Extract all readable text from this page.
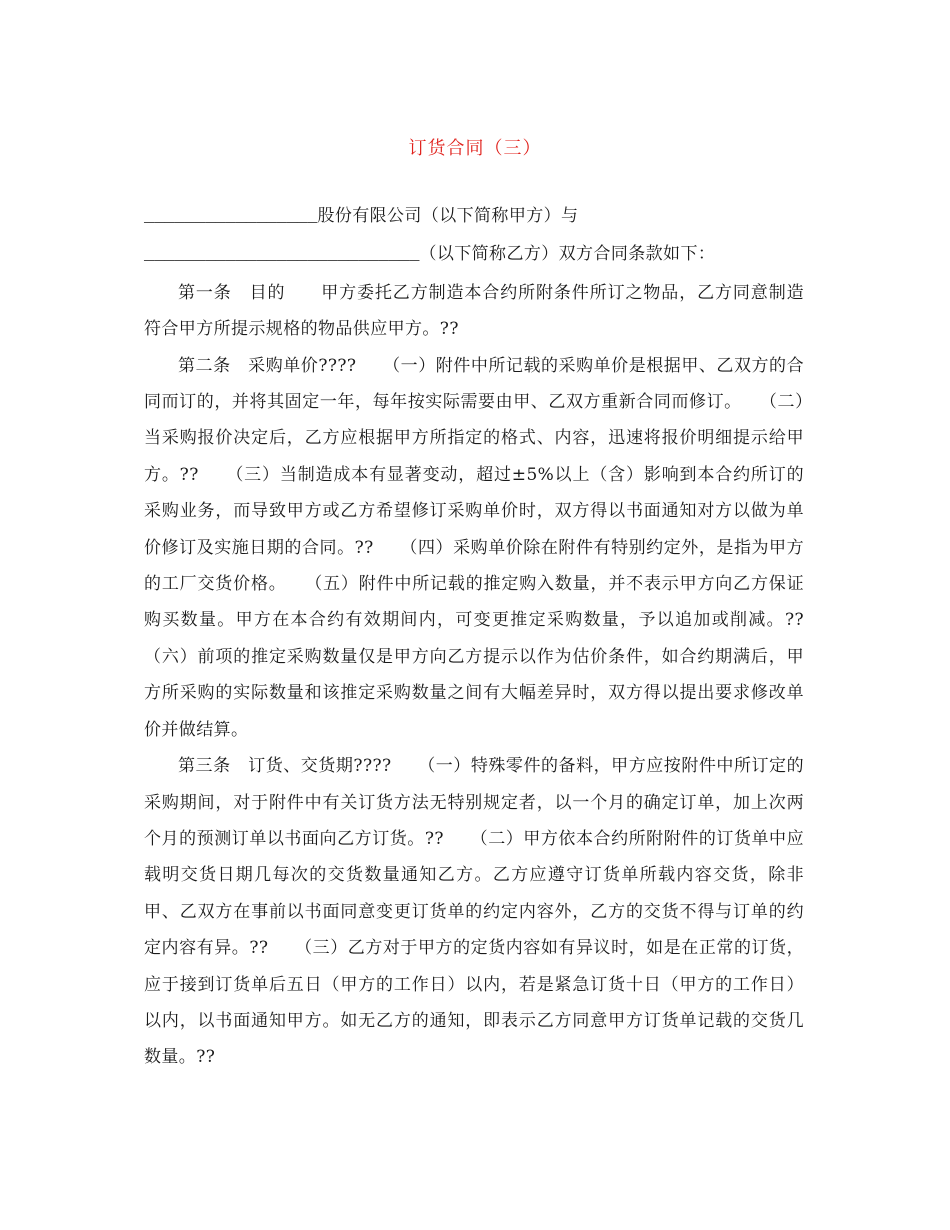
订货合同（三）

_________________股份有限公司（以下简称甲方）与

___________________________（以下简称乙方）双方合同条款如下：

第一条　目的　　甲方委托乙方制造本合约所附条件所订之物品，乙方同意制造符合甲方所提示规格的物品供应甲方。??

第二条　采购单价????　　（一）附件中所记载的采购单价是根据甲、乙双方的合同而订的，并将其固定一年，每年按实际需要由甲、乙双方重新合同而修订。　　（二）当采购报价决定后，乙方应根据甲方所指定的格式、内容，迅速将报价明细提示给甲方。??　　（三）当制造成本有显著变动，超过±5%以上（含）影响到本合约所订的采购业务，而导致甲方或乙方希望修订采购单价时，双方得以书面通知对方以做为单价修订及实施日期的合同。??　　（四）采购单价除在附件有特别约定外，是指为甲方的工厂交货价格。　　（五）附件中所记载的推定购入数量，并不表示甲方向乙方保证购买数量。甲方在本合约有效期间内，可变更推定采购数量，予以追加或削减。??　　（六）前项的推定采购数量仅是甲方向乙方提示以作为估价条件，如合约期满后，甲方所采购的实际数量和该推定采购数量之间有大幅差异时，双方得以提出要求修改单价并做结算。

第三条　订货、交货期????　　（一）特殊零件的备料，甲方应按附件中所订定的采购期间，对于附件中有关订货方法无特别规定者，以一个月的确定订单，加上次两个月的预测订单以书面向乙方订货。??　　（二）甲方依本合约所附附件的订货单中应载明交货日期几每次的交货数量通知乙方。乙方应遵守订货单所载内容交货，除非甲、乙双方在事前以书面同意变更订货单的约定内容外，乙方的交货不得与订单的约定内容有异。??　　（三）乙方对于甲方的定货内容如有异议时，如是在正常的订货，应于接到订货单后五日（甲方的工作日）以内，若是紧急订货十日（甲方的工作日）以内，以书面通知甲方。如无乙方的通知，即表示乙方同意甲方订货单记载的交货几数量。??
